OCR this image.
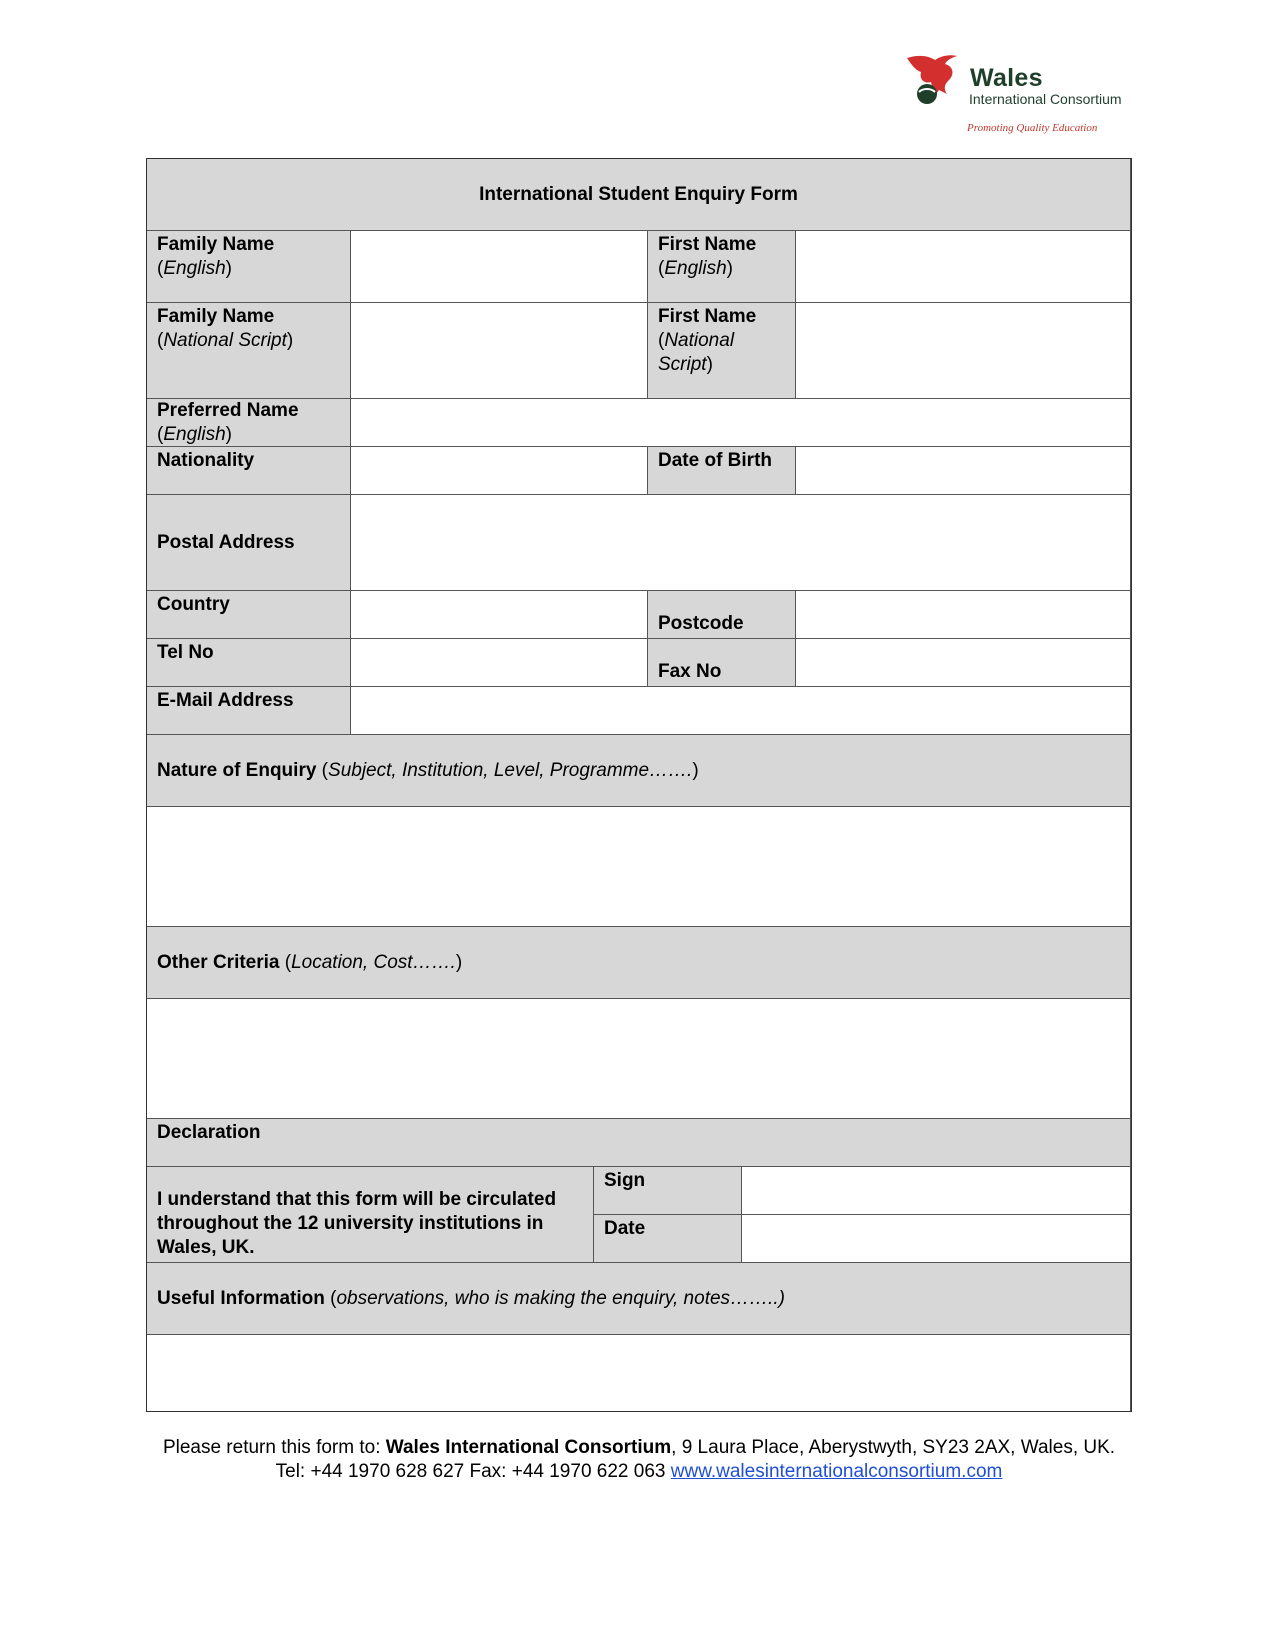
Wales
International Consortium
Promoting Quality Education
International Student Enquiry Form
Family Name
(English)
First Name
(English)
Family Name
(National Script)
First Name
(National Script)
Preferred Name
(English)
Nationality	Date of Birth
Postal Address
Country
Postcode
Tel No
Fax No
E-Mail Address
Nature of Enquiry (Subject, Institution, Level, Programme…….)
Other Criteria (Location, Cost…….)
Declaration
I understand that this form will be circulated throughout the 12 university institutions in Wales, UK.
Sign
Date
Useful Information (observations, who is making the enquiry, notes……..)
Please return this form to: Wales International Consortium, 9 Laura Place, Aberystwyth, SY23 2AX, Wales, UK. Tel: +44 1970 628 627 Fax: +44 1970 622 063 www.walesinternationalconsortium.com
